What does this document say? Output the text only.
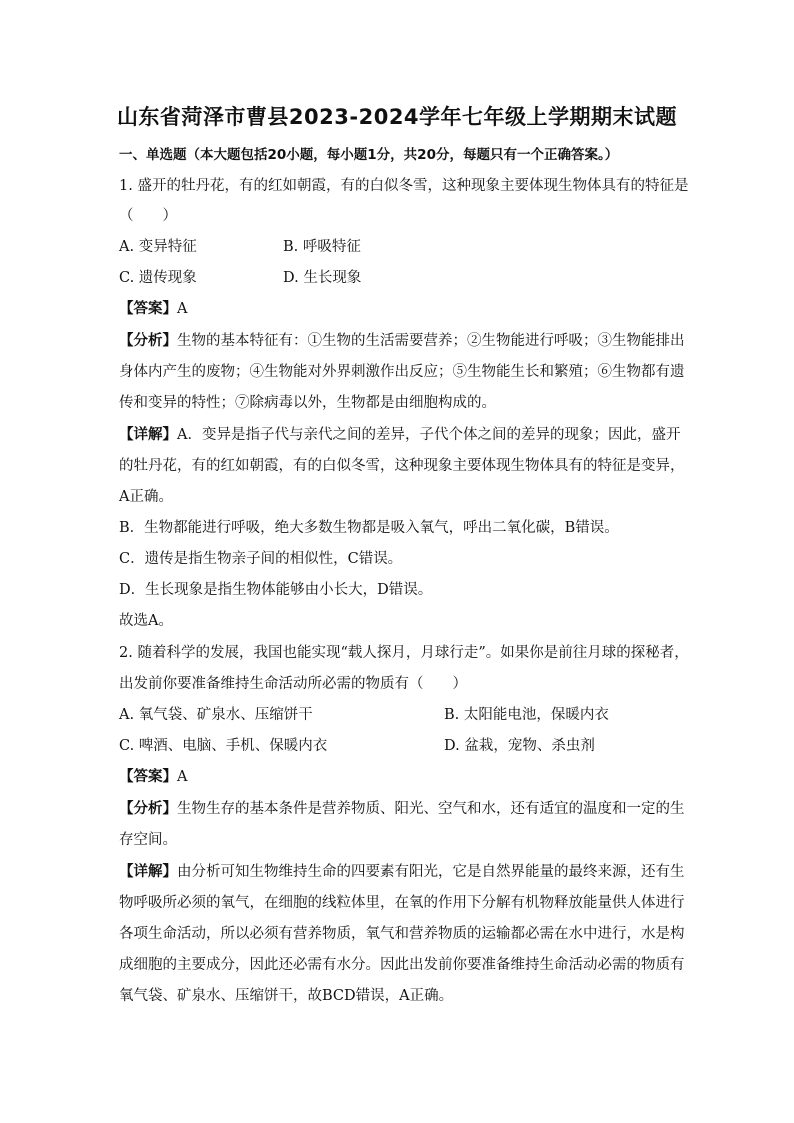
山东省菏泽市曹县2023-2024学年七年级上学期期末试题
一、单选题（本大题包括20小题，每小题1分，共20分，每题只有一个正确答案。）
1. 盛开的牡丹花，有的红如朝霞，有的白似冬雪，这种现象主要体现生物体具有的特征是
（　　）
A. 变异特征	B. 呼吸特征
C. 遗传现象	D. 生长现象
【答案】A
【分析】生物的基本特征有：①生物的生活需要营养；②生物能进行呼吸；③生物能排出
身体内产生的废物；④生物能对外界刺激作出反应；⑤生物能生长和繁殖；⑥生物都有遗
传和变异的特性；⑦除病毒以外，生物都是由细胞构成的。
【详解】A．变异是指子代与亲代之间的差异，子代个体之间的差异的现象；因此，盛开
的牡丹花，有的红如朝霞，有的白似冬雪，这种现象主要体现生物体具有的特征是变异，
A正确。
B．生物都能进行呼吸，绝大多数生物都是吸入氧气，呼出二氧化碳，B错误。
C．遗传是指生物亲子间的相似性，C错误。
D．生长现象是指生物体能够由小长大，D错误。
故选A。
2. 随着科学的发展，我国也能实现“载人探月，月球行走”。如果你是前往月球的探秘者，
出发前你要准备维持生命活动所必需的物质有（　　）
A. 氧气袋、矿泉水、压缩饼干	B. 太阳能电池，保暖内衣
C. 啤酒、电脑、手机、保暖内衣	D. 盆栽，宠物、杀虫剂
【答案】A
【分析】生物生存的基本条件是营养物质、阳光、空气和水，还有适宜的温度和一定的生
存空间。
【详解】由分析可知生物维持生命的四要素有阳光，它是自然界能量的最终来源，还有生
物呼吸所必须的氧气，在细胞的线粒体里，在氧的作用下分解有机物释放能量供人体进行
各项生命活动，所以必须有营养物质，氧气和营养物质的运输都必需在水中进行，水是构
成细胞的主要成分，因此还必需有水分。因此出发前你要准备维持生命活动必需的物质有
氧气袋、矿泉水、压缩饼干，故BCD错误，A正确。
